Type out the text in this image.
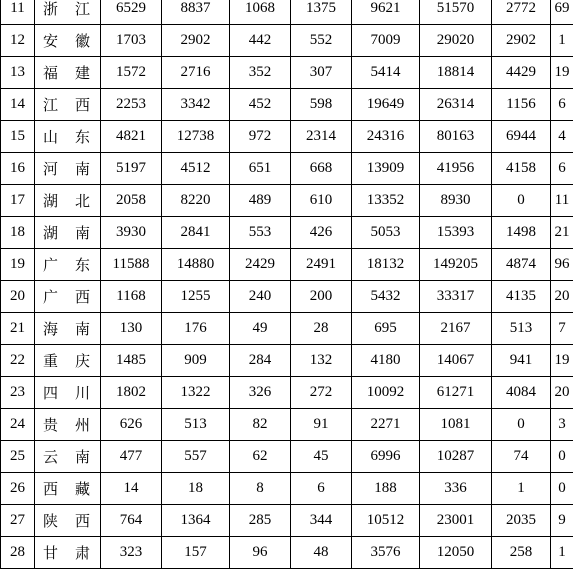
11	浙　江	6529	8837	1068	1375	9621	51570	2772	69
12	安　徽	1703	2902	442	552	7009	29020	2902	1
13	福　建	1572	2716	352	307	5414	18814	4429	19
14	江　西	2253	3342	452	598	19649	26314	1156	6
15	山　东	4821	12738	972	2314	24316	80163	6944	4
16	河　南	5197	4512	651	668	13909	41956	4158	6
17	湖　北	2058	8220	489	610	13352	8930	0	11
18	湖　南	3930	2841	553	426	5053	15393	1498	21
19	广　东	11588	14880	2429	2491	18132	149205	4874	96
20	广　西	1168	1255	240	200	5432	33317	4135	20
21	海　南	130	176	49	28	695	2167	513	7
22	重　庆	1485	909	284	132	4180	14067	941	19
23	四　川	1802	1322	326	272	10092	61271	4084	20
24	贵　州	626	513	82	91	2271	1081	0	3
25	云　南	477	557	62	45	6996	10287	74	0
26	西　藏	14	18	8	6	188	336	1	0
27	陕　西	764	1364	285	344	10512	23001	2035	9
28	甘　肃	323	157	96	48	3576	12050	258	1
